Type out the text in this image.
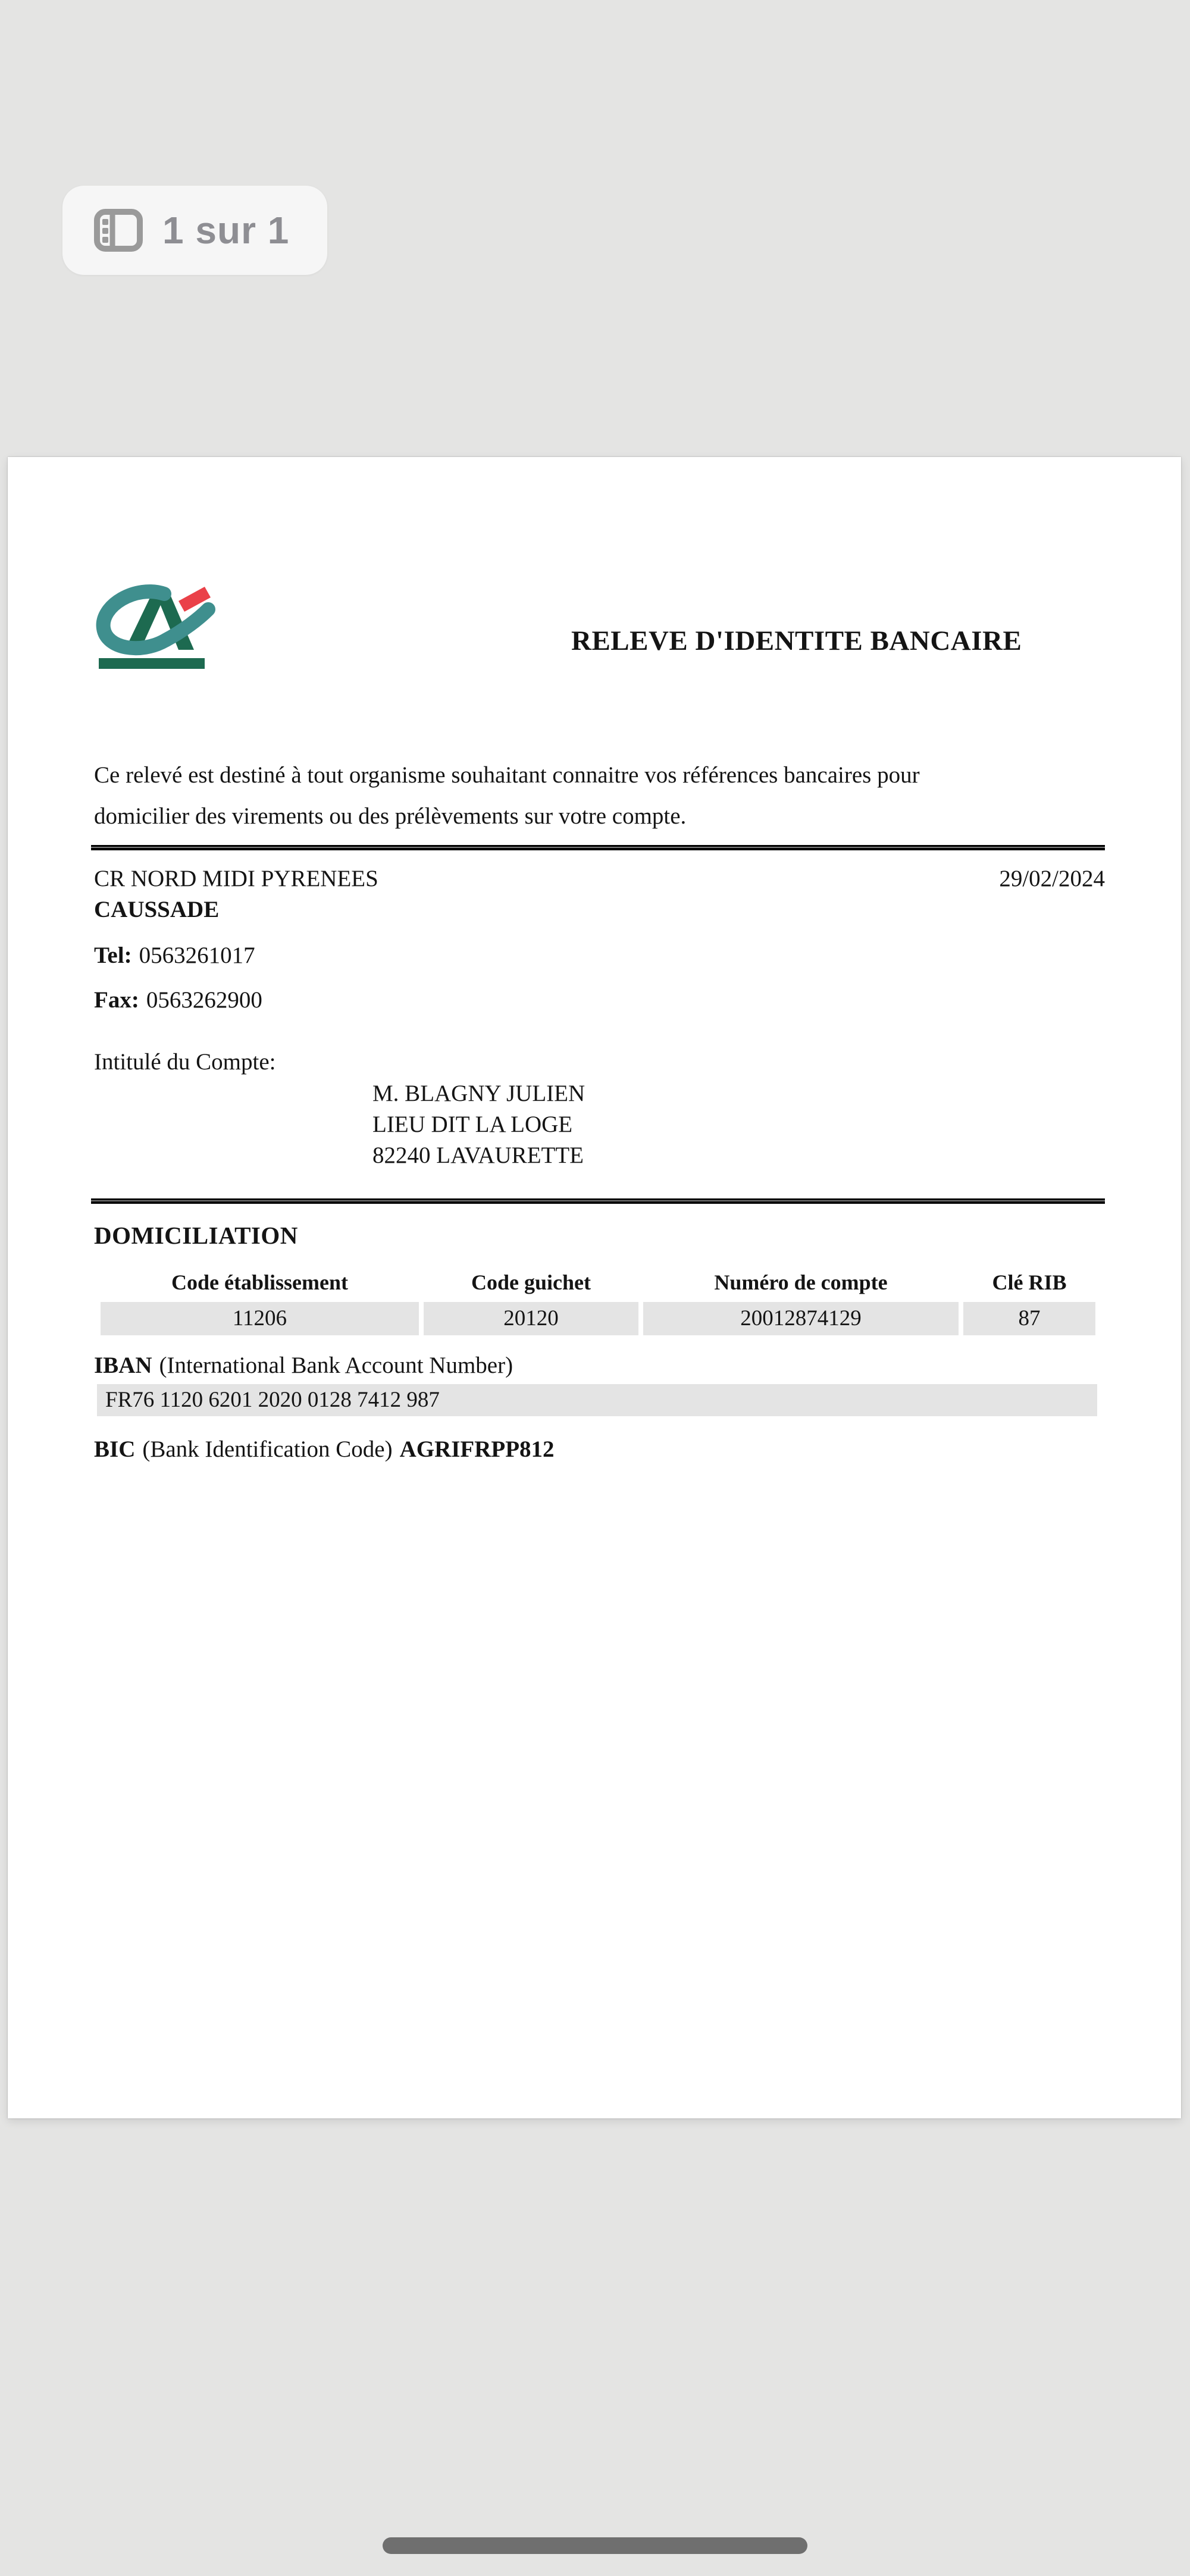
1 sur 1
RELEVE D'IDENTITE BANCAIRE
Ce relevé est destiné à tout organisme souhaitant connaitre vos références bancaires pour
domicilier des virements ou des prélèvements sur votre compte.
CR NORD MIDI PYRENEES	29/02/2024
CAUSSADE
Tel: 0563261017
Fax: 0563262900
Intitulé du Compte:
M. BLAGNY JULIEN
LIEU DIT LA LOGE
82240 LAVAURETTE
DOMICILIATION
Code établissement	Code guichet	Numéro de compte	Clé RIB
11206	20120	20012874129	87
IBAN (International Bank Account Number)
FR76 1120 6201 2020 0128 7412 987
BIC (Bank Identification Code) AGRIFRPP812
